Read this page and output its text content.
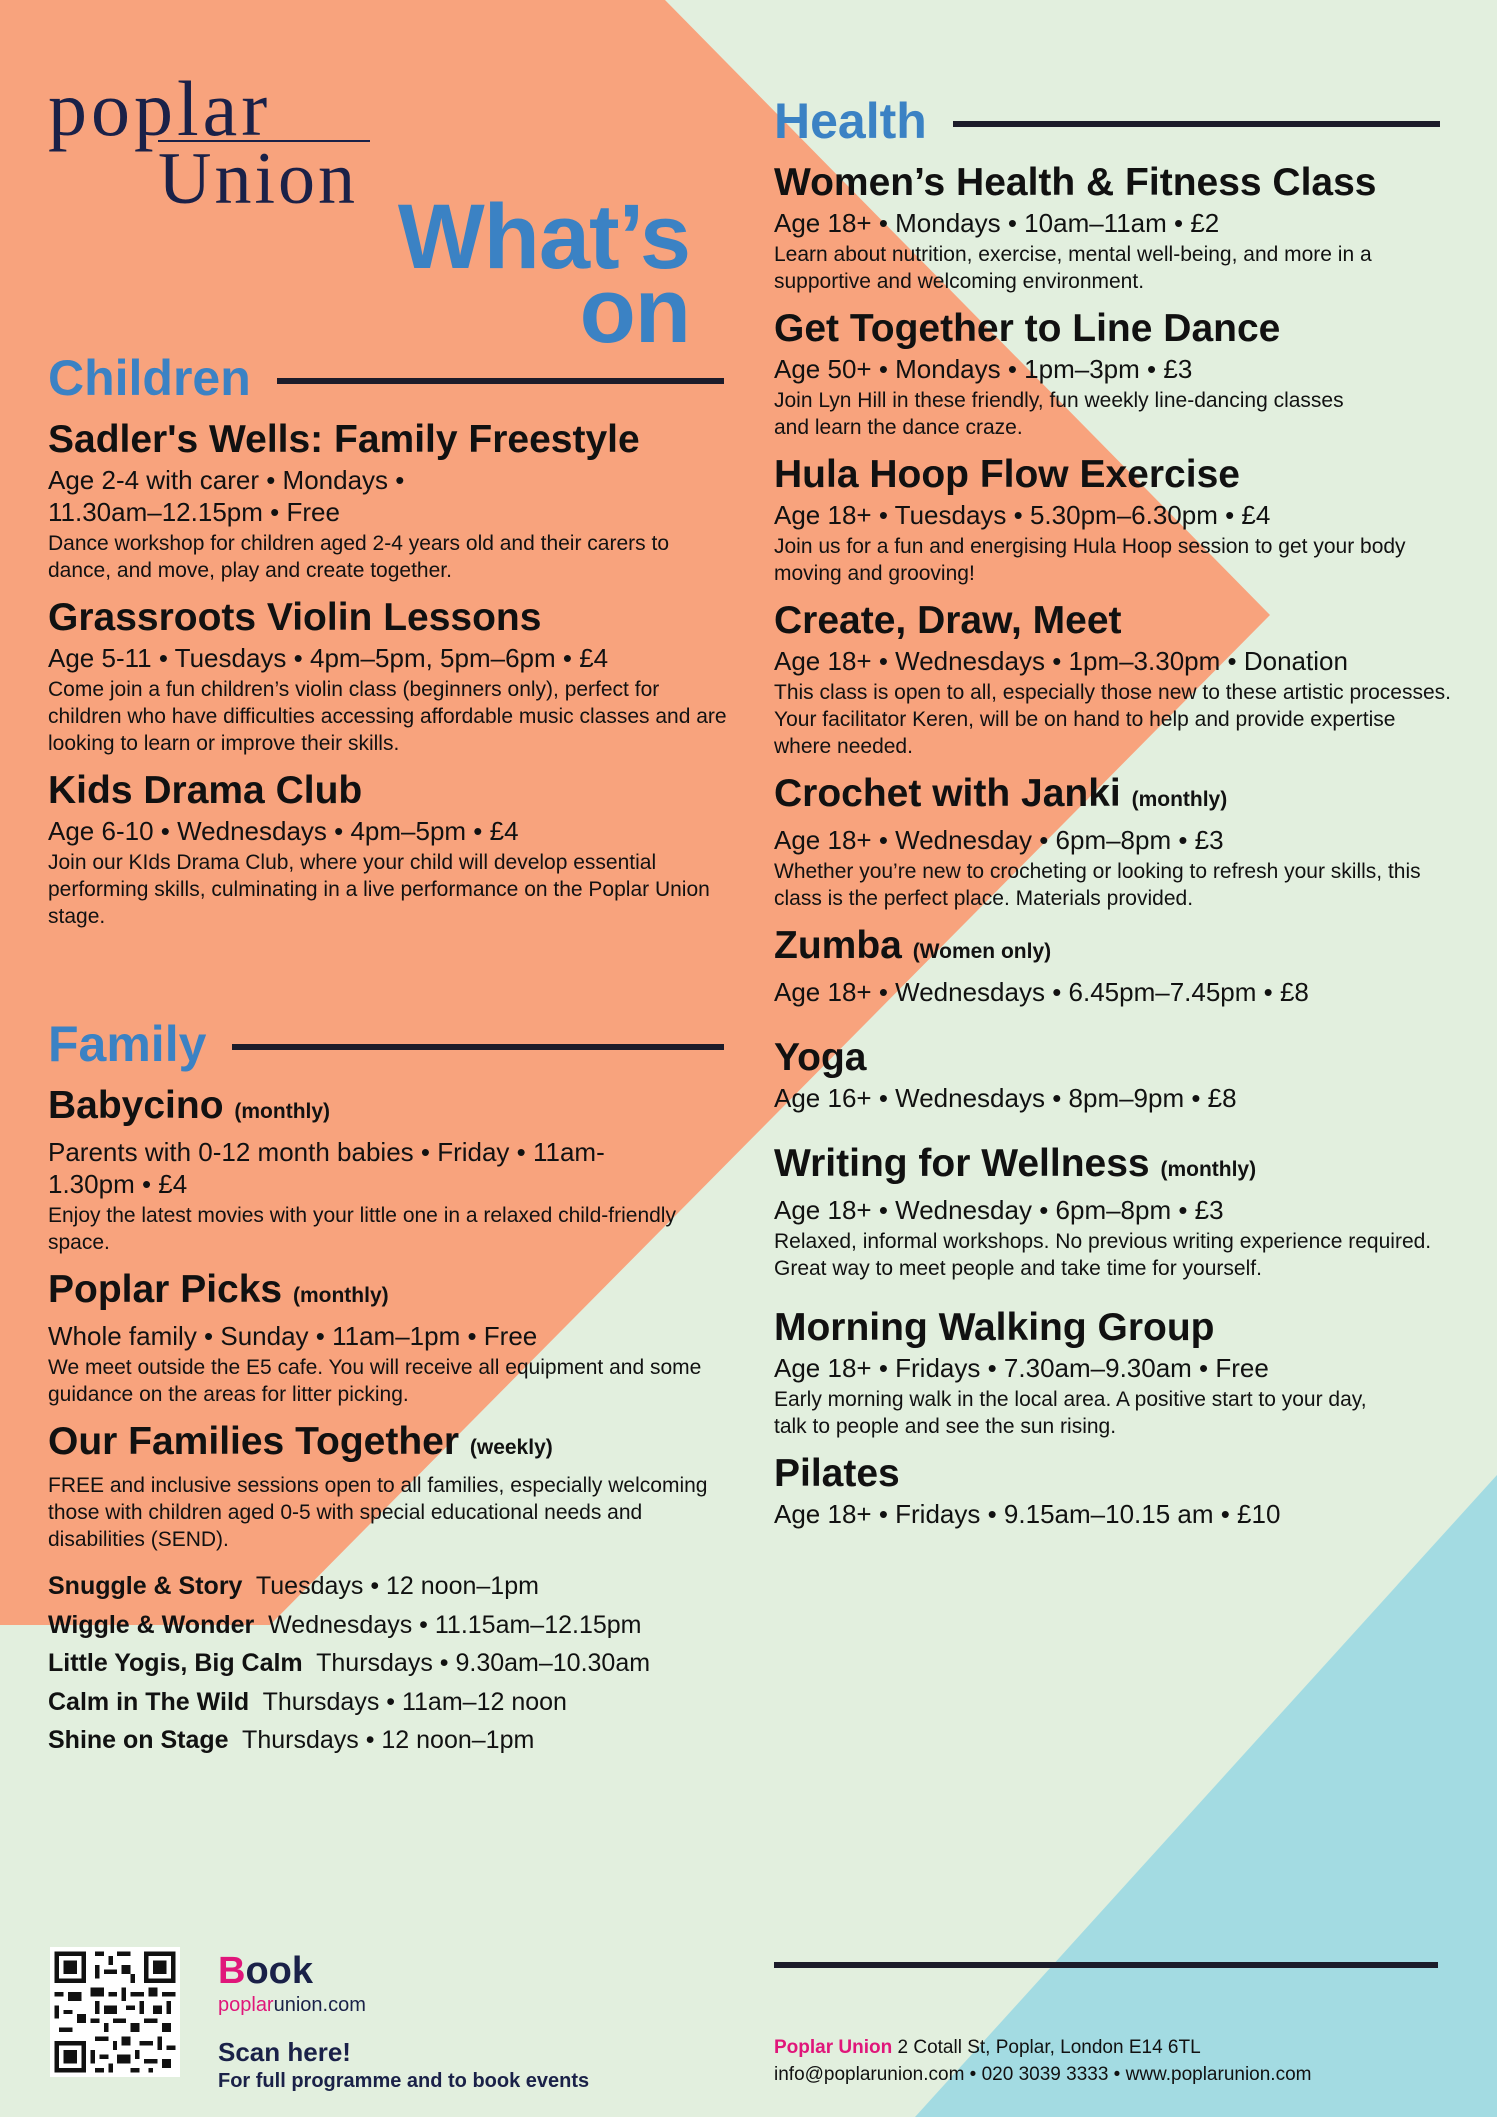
poplar
Union
What’s
on
Children
Sadler's Wells: Family Freestyle
Age 2-4 with carer • Mondays • 11.30am–12.15pm • Free
Dance workshop for children aged 2-4 years old and their carers to dance, and move, play and create together.
Grassroots Violin Lessons
Age 5-11 • Tuesdays • 4pm–5pm, 5pm–6pm • £4
Come join a fun children’s violin class (beginners only), perfect for children who have difficulties accessing affordable music classes and are looking to learn or improve their skills.
Kids Drama Club
Age 6-10 • Wednesdays • 4pm–5pm • £4
Join our KIds Drama Club, where your child will develop essential performing skills, culminating in a live performance on the Poplar Union stage.
Family
Babycino (monthly)
Parents with 0-12 month babies • Friday • 11am-1.30pm • £4
Enjoy the latest movies with your little one in a relaxed child-friendly space.
Poplar Picks (monthly)
Whole family • Sunday • 11am–1pm • Free
We meet outside the E5 cafe. You will receive all equipment and some guidance on the areas for litter picking.
Our Families Together (weekly)
FREE and inclusive sessions open to all families, especially welcoming those with children aged 0-5 with special educational needs and disabilities (SEND).
Snuggle & Story Tuesdays • 12 noon–1pm
Wiggle & Wonder Wednesdays • 11.15am–12.15pm
Little Yogis, Big Calm Thursdays • 9.30am–10.30am
Calm in The Wild Thursdays • 11am–12 noon
Shine on Stage Thursdays • 12 noon–1pm
Health
Women’s Health & Fitness Class
Age 18+ • Mondays • 10am–11am • £2
Learn about nutrition, exercise, mental well-being, and more in a supportive and welcoming environment.
Get Together to Line Dance
Age 50+ • Mondays • 1pm–3pm • £3
Join Lyn Hill in these friendly, fun weekly line-dancing classes and learn the dance craze.
Hula Hoop Flow Exercise
Age 18+ • Tuesdays • 5.30pm–6.30pm • £4
Join us for a fun and energising Hula Hoop session to get your body moving and grooving!
Create, Draw, Meet
Age 18+ • Wednesdays • 1pm–3.30pm • Donation
This class is open to all, especially those new to these artistic processes. Your facilitator Keren, will be on hand to help and provide expertise where needed.
Crochet with Janki (monthly)
Age 18+ • Wednesday • 6pm–8pm • £3
Whether you’re new to crocheting or looking to refresh your skills, this class is the perfect place. Materials provided.
Zumba (Women only)
Age 18+ • Wednesdays • 6.45pm–7.45pm • £8
Yoga
Age 16+ • Wednesdays • 8pm–9pm • £8
Writing for Wellness (monthly)
Age 18+ • Wednesday • 6pm–8pm • £3
Relaxed, informal workshops. No previous writing experience required. Great way to meet people and take time for yourself.
Morning Walking Group
Age 18+ • Fridays • 7.30am–9.30am • Free
Early morning walk in the local area. A positive start to your day, talk to people and see the sun rising.
Pilates
Age 18+ • Fridays • 9.15am–10.15 am • £10
Book
poplarunion.com
Scan here!
For full programme and to book events
Poplar Union 2 Cotall St, Poplar, London E14 6TL
info@poplarunion.com • 020 3039 3333 • www.poplarunion.com
